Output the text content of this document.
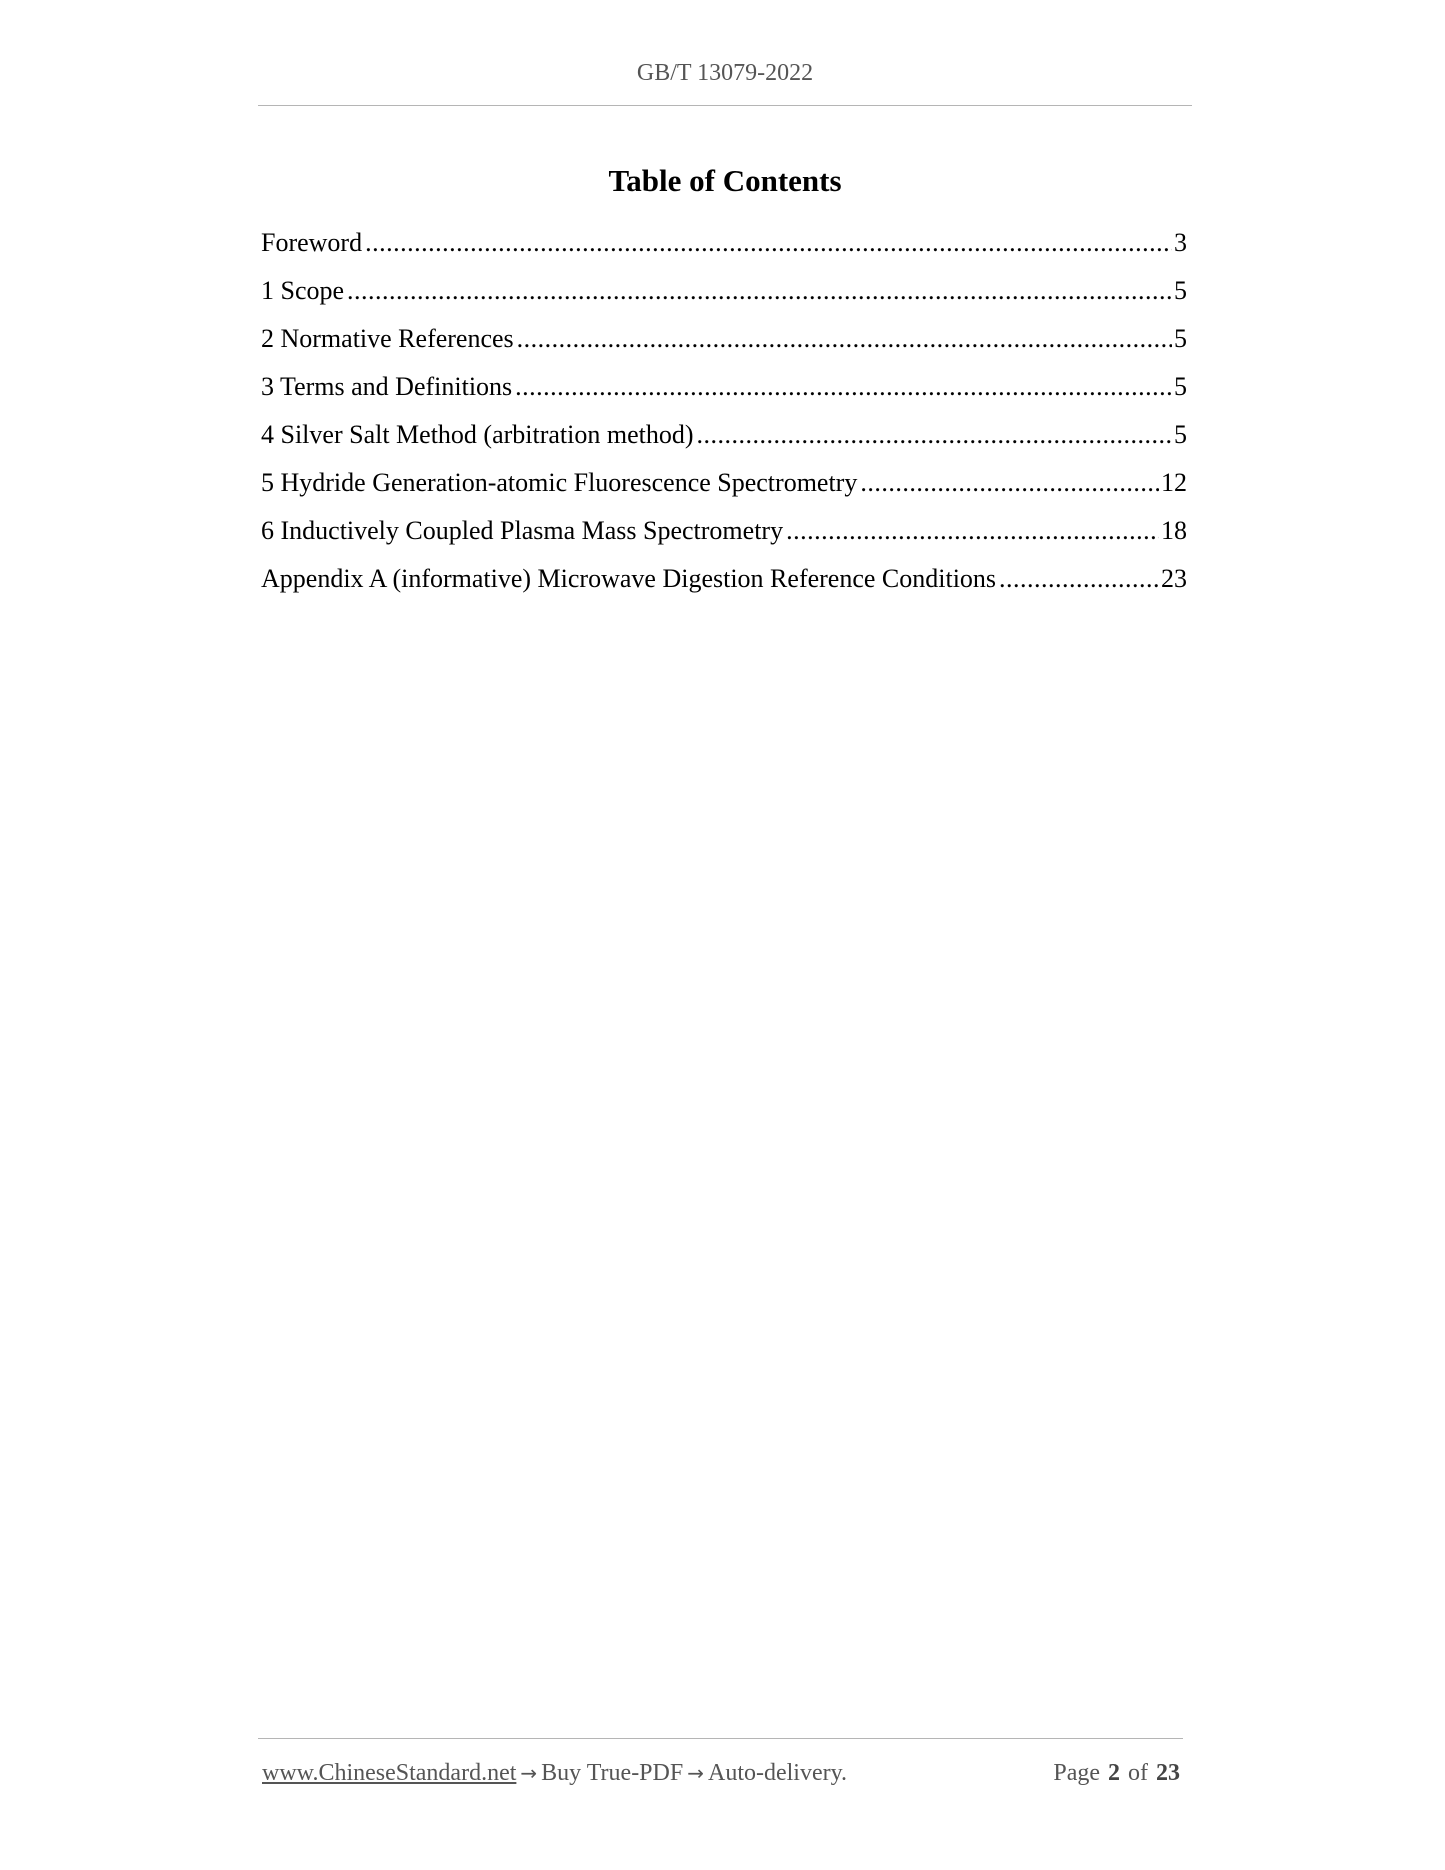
GB/T 13079-2022
Table of Contents
Foreword .....	3
1 Scope .....	5
2 Normative References .....	5
3 Terms and Definitions .....	5
4 Silver Salt Method (arbitration method) .....	5
5 Hydride Generation-atomic Fluorescence Spectrometry .....	12
6 Inductively Coupled Plasma Mass Spectrometry .....	18
Appendix A (informative) Microwave Digestion Reference Conditions .....	23
www.ChineseStandard.net → Buy True-PDF → Auto-delivery.	Page 2 of 23
